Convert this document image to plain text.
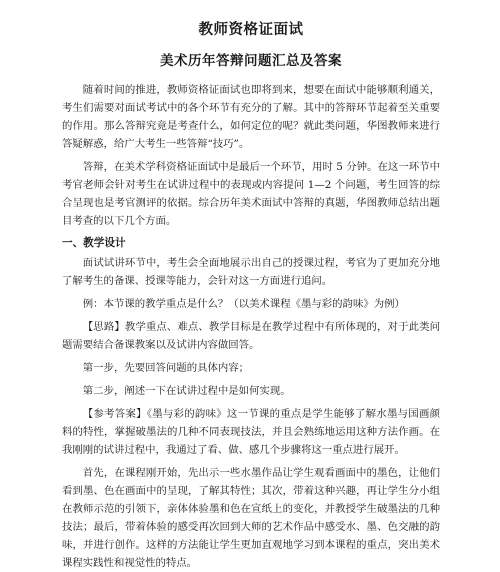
教师资格证面试
美术历年答辩问题汇总及答案

随着时间的推进，教师资格证面试也即将到来，想要在面试中能够顺利通关，考生们需要对面试考试中的各个环节有充分的了解。其中的答辩环节起着至关重要的作用。那么答辩究竟是考查什么，如何定位的呢？就此类问题，华图教师来进行答疑解惑，给广大考生一些答辩“技巧”。

答辩，在美术学科资格证面试中是最后一个环节，用时 5 分钟。在这一环节中考官老师会针对考生在试讲过程中的表现或内容提问 1—2 个问题，考生回答的综合呈现也是考官测评的依据。综合历年美术面试中答辩的真题，华图教师总结出题目考查的以下几个方面。

一、教学设计

面试试讲环节中，考生会全面地展示出自己的授课过程，考官为了更加充分地了解考生的备课、授课等能力，会针对这一方面进行追问。

例：本节课的教学重点是什么？（以美术课程《墨与彩的韵味》为例）

【思路】教学重点、难点、教学目标是在教学过程中有所体现的，对于此类问题需要结合备课教案以及试讲内容做回答。

第一步，先要回答问题的具体内容；

第二步，阐述一下在试讲过程中是如何实现。

【参考答案】《墨与彩的韵味》这一节课的重点是学生能够了解水墨与国画颜料的特性，掌握破墨法的几种不同表现技法，并且会熟练地运用这种方法作画。在我刚刚的试讲过程中，我通过了看、做、感几个步骤将这一重点进行展开。

首先，在课程刚开始，先出示一些水墨作品让学生观看画面中的墨色，让他们看到墨、色在画面中的呈现，了解其特性；其次，带着这种兴趣，再让学生分小组在教师示范的引领下，亲体体验墨和色在宣纸上的变化，并教授学生破墨法的几种技法；最后，带着体验的感受再次回到大师的艺术作品中感受水、墨、色交融的韵味，并进行创作。这样的方法能让学生更加直观地学习到本课程的重点，突出美术课程实践性和视觉性的特点。
